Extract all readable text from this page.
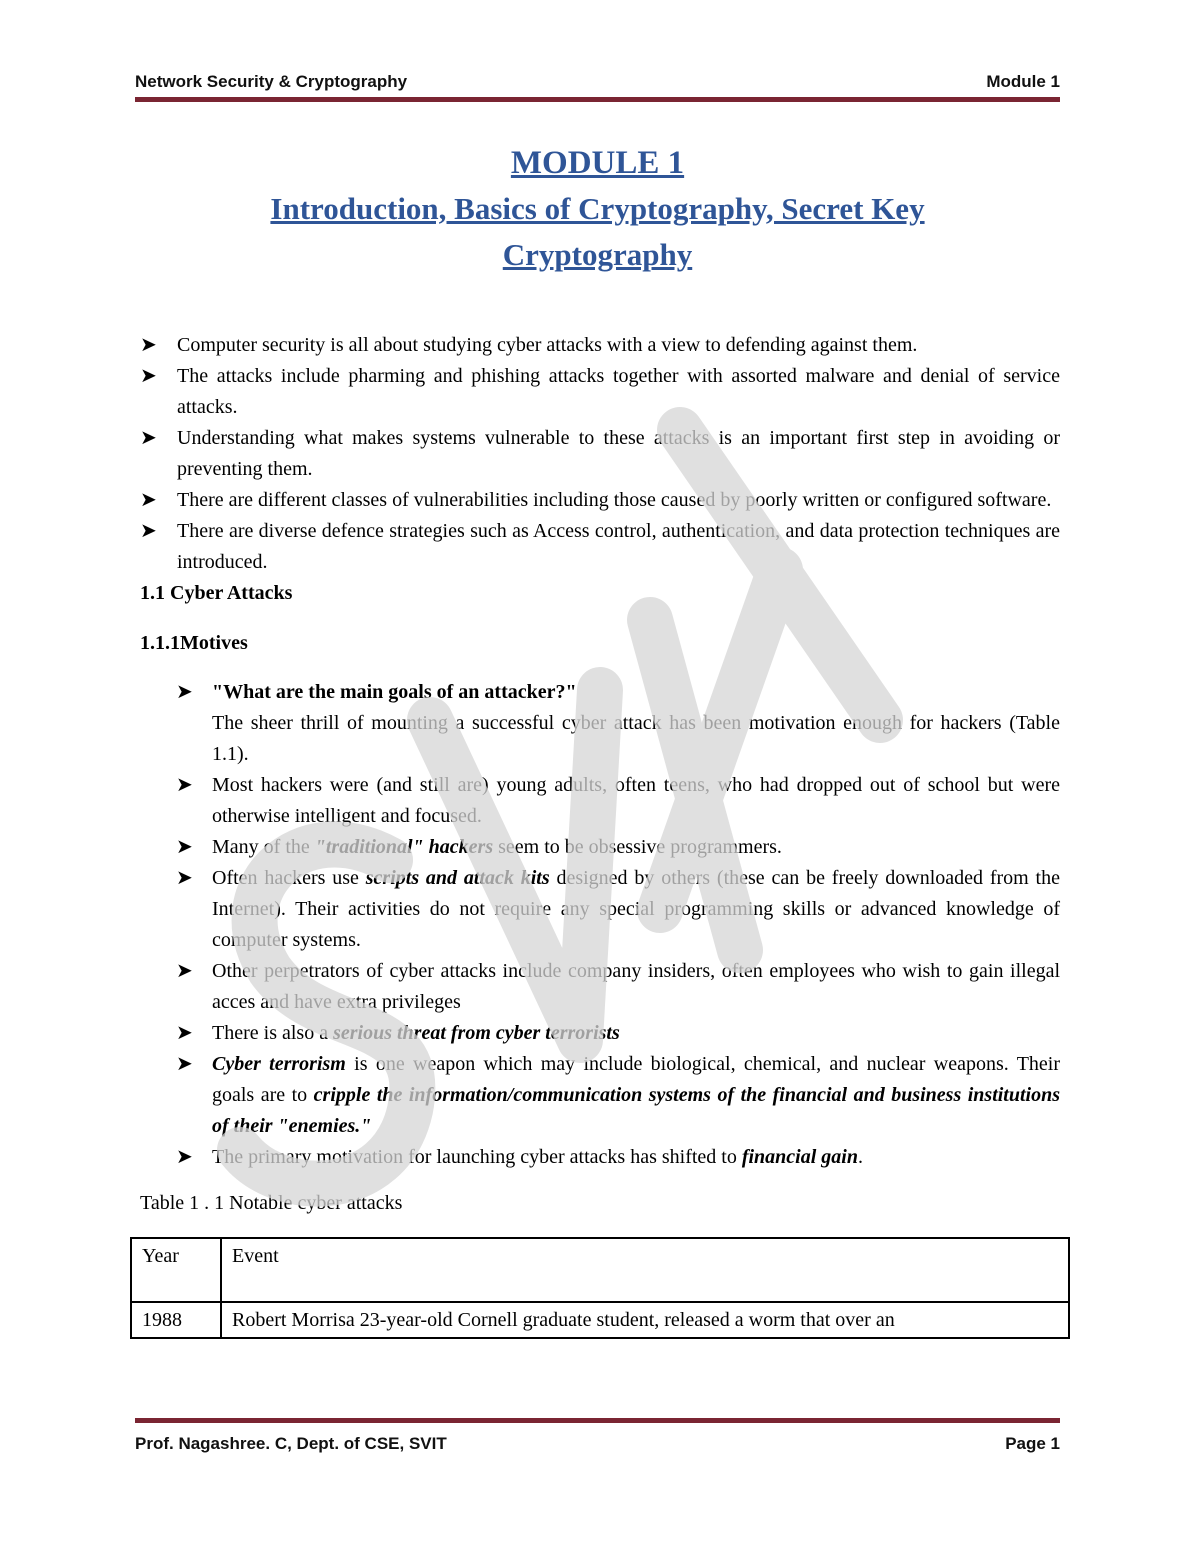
Network Security & Cryptography	Module 1
MODULE 1
Introduction, Basics of Cryptography, Secret Key
Cryptography
➤	Computer security is all about studying cyber attacks with a view to defending against them.
➤	The attacks include pharming and phishing attacks together with assorted malware and denial of service attacks.
➤	Understanding what makes systems vulnerable to these attacks is an important first step in avoiding or preventing them.
➤	There are different classes of vulnerabilities including those caused by poorly written or configured software.
➤	There are diverse defence strategies such as Access control, authentication, and data protection techniques are introduced.
1.1 Cyber Attacks
1.1.1Motives
➤ "What are the main goals of an attacker?"
The sheer thrill of mounting a successful cyber attack has been motivation enough for hackers (Table 1.1).
➤ Most hackers were (and still are) young adults, often teens, who had dropped out of school but were otherwise intelligent and focused.
➤ Many of the "traditional" hackers seem to be obsessive programmers.
➤ Often hackers use scripts and attack kits designed by others (these can be freely downloaded from the Internet). Their activities do not require any special programming skills or advanced knowledge of computer systems.
➤ Other perpetrators of cyber attacks include company insiders, often employees who wish to gain illegal acces and have extra privileges
➤ There is also a serious threat from cyber terrorists
➤ Cyber terrorism is one weapon which may include biological, chemical, and nuclear weapons. Their goals are to cripple the information/communication systems of the financial and business institutions of their "enemies."
➤ The primary motivation for launching cyber attacks has shifted to financial gain.
Table 1 . 1 Notable cyber attacks
Year	Event
1988	Robert Morrisa 23-year-old Cornell graduate student, released a worm that over an
Prof. Nagashree. C, Dept. of CSE, SVIT	Page 1
